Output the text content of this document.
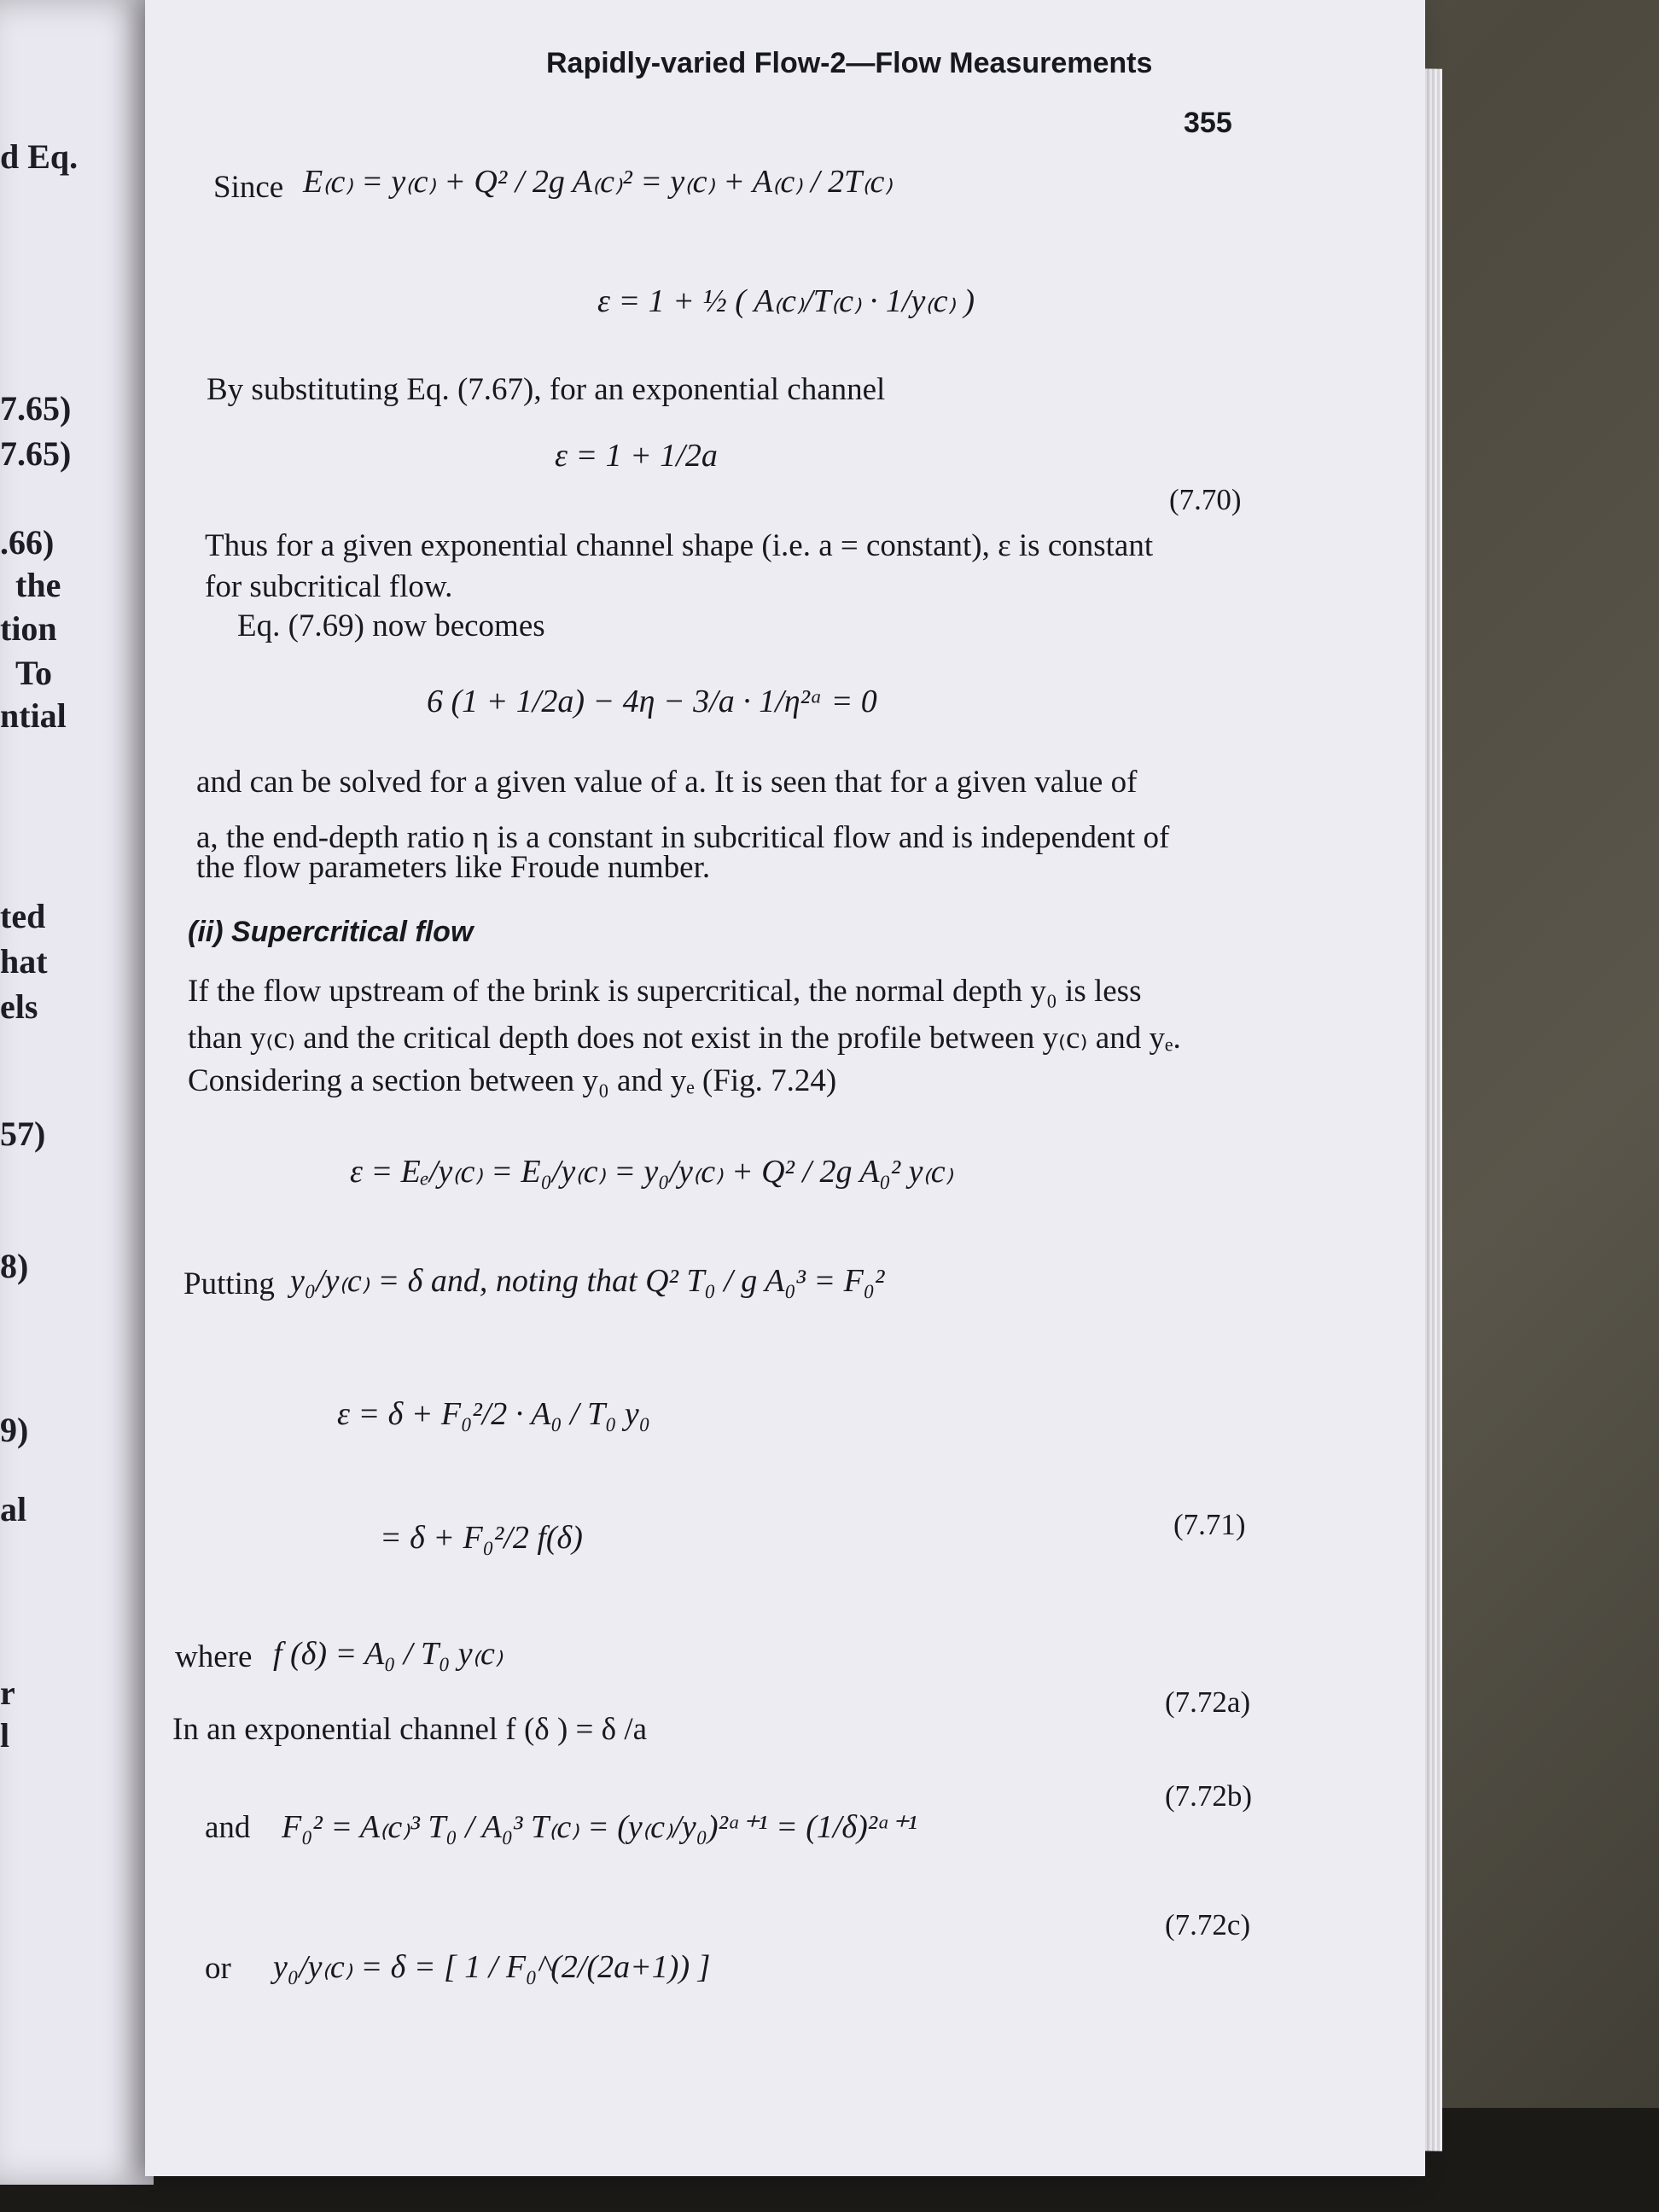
d Eq.
7.65)
7.65)
.66)
the
tion
To
ntial
ted
hat
els
57)
8)
9)
al
r
l
Rapidly-varied Flow-2—Flow Measurements
355
Since E₍c₎ = y₍c₎ + Q² / 2g A₍c₎² = y₍c₎ + A₍c₎ / 2T₍c₎
ε = 1 + ½ ( A₍c₎/T₍c₎ · 1/y₍c₎ )
By substituting Eq. (7.67), for an exponential channel
ε = 1 + 1/2a
(7.70)
Thus for a given exponential channel shape (i.e. a = constant), ε is constant
for subcritical flow.
Eq. (7.69) now becomes
6 (1 + 1/2a) − 4η − 3/a · 1/η²ᵃ = 0
and can be solved for a given value of a. It is seen that for a given value of
a, the end-depth ratio η is a constant in subcritical flow and is independent of
the flow parameters like Froude number.
(ii) Supercritical flow
If the flow upstream of the brink is supercritical, the normal depth y₀ is less
than y₍c₎ and the critical depth does not exist in the profile between y₍c₎ and yₑ.
Considering a section between y₀ and yₑ (Fig. 7.24)
ε = Eₑ/y₍c₎ = E₀/y₍c₎ = y₀/y₍c₎ + Q² / 2g A₀² y₍c₎
Putting y₀/y₍c₎ = δ and, noting that Q² T₀ / g A₀³ = F₀²
ε = δ + F₀²/2 · A₀ / T₀ y₀
= δ + F₀²/2 f(δ)	(7.71)
where f (δ) = A₀ / T₀ y₍c₎
(7.72a)
In an exponential channel f (δ ) = δ /a
and F₀² = A₍c₎³ T₀ / A₀³ T₍c₎ = (y₍c₎/y₀)²ᵃ⁺¹ = (1/δ)²ᵃ⁺¹
(7.72b)
(7.72c)
or y₀/y₍c₎ = δ = [ 1 / F₀^(2/(2a+1)) ]
